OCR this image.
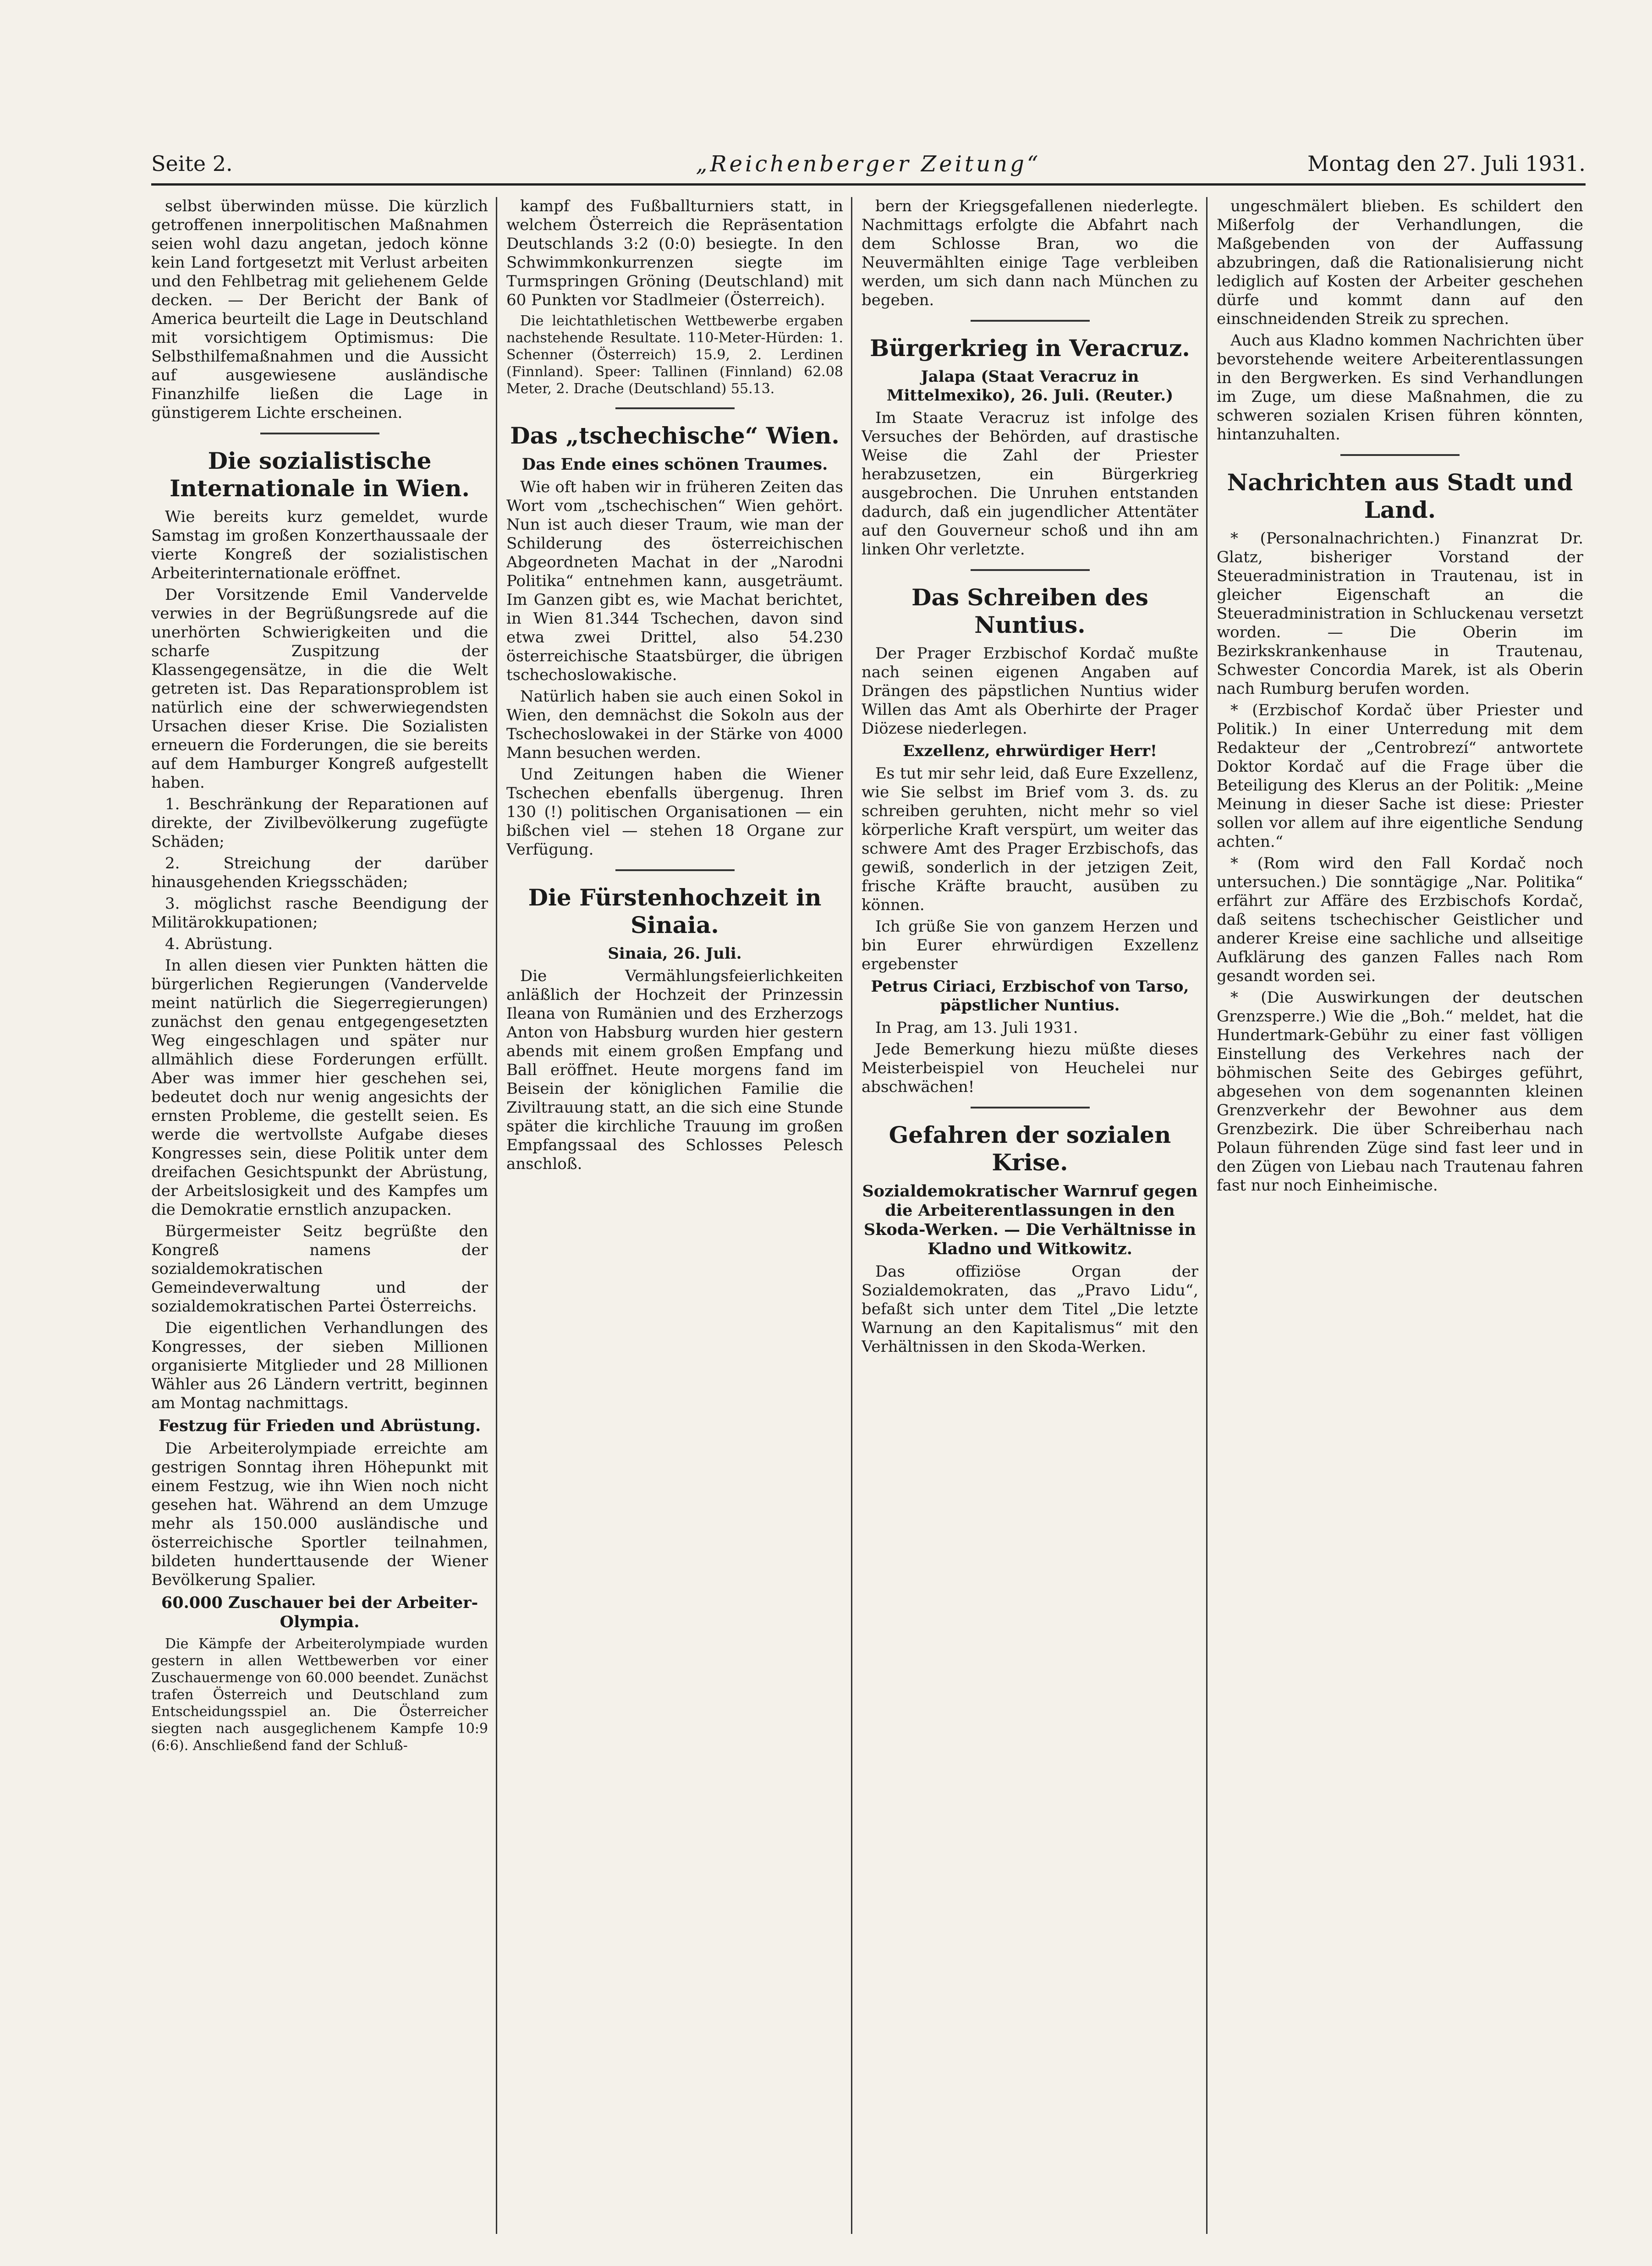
Seite 2.	„Reichenberger Zeitung“	Montag den 27. Juli 1931.

selbst überwinden müsse. Die kürzlich getroffenen innerpolitischen Maßnahmen seien wohl dazu angetan, jedoch könne kein Land fortgesetzt mit Verlust arbeiten und den Fehlbetrag mit geliehenem Gelde decken. — Der Bericht der Bank of America beurteilt die Lage in Deutschland mit vorsichtigem Optimismus: Die Selbsthilfemaßnahmen und die Aussicht auf ausgewiesene ausländische Finanzhilfe ließen die Lage in günstigerem Lichte erscheinen.

Die sozialistische Internationale in Wien.

Wie bereits kurz gemeldet, wurde Samstag im großen Konzerthaussaale der vierte Kongreß der sozialistischen Arbeiterinternationale eröffnet.

Der Vorsitzende Emil Vandervelde verwies in der Begrüßungsrede auf die unerhörten Schwierigkeiten und die scharfe Zuspitzung der Klassengegensätze, in die die Welt getreten ist. Das Reparationsproblem ist natürlich eine der schwerwiegendsten Ursachen dieser Krise. Die Sozialisten erneuern die Forderungen, die sie bereits auf dem Hamburger Kongreß aufgestellt haben.

1. Beschränkung der Reparationen auf direkte, der Zivilbevölkerung zugefügte Schäden;

2. Streichung der darüber hinausgehenden Kriegsschäden;

3. möglichst rasche Beendigung der Militärokkupationen;

4. Abrüstung.

In allen diesen vier Punkten hätten die bürgerlichen Regierungen (Vandervelde meint natürlich die Siegerregierungen) zunächst den genau entgegengesetzten Weg eingeschlagen und später nur allmählich diese Forderungen erfüllt. Aber was immer hier geschehen sei, bedeutet doch nur wenig angesichts der ernsten Probleme, die gestellt seien. Es werde die wertvollste Aufgabe dieses Kongresses sein, diese Politik unter dem dreifachen Gesichtspunkt der Abrüstung, der Arbeitslosigkeit und des Kampfes um die Demokratie ernstlich anzupacken.

Bürgermeister Seitz begrüßte den Kongreß namens der sozialdemokratischen Gemeindeverwaltung und der sozialdemokratischen Partei Österreichs.

Die eigentlichen Verhandlungen des Kongresses, der sieben Millionen organisierte Mitglieder und 28 Millionen Wähler aus 26 Ländern vertritt, beginnen am Montag nachmittags.

Festzug für Frieden und Abrüstung.

Die Arbeiterolympiade erreichte am gestrigen Sonntag ihren Höhepunkt mit einem Festzug, wie ihn Wien noch nicht gesehen hat. Während an dem Umzuge mehr als 150.000 ausländische und österreichische Sportler teilnahmen, bildeten hunderttausende der Wiener Bevölkerung Spalier.

60.000 Zuschauer bei der Arbeiter-Olympia.

Die Kämpfe der Arbeiterolympiade wurden gestern in allen Wettbewerben vor einer Zuschauermenge von 60.000 beendet. Zunächst trafen Österreich und Deutschland zum Entscheidungsspiel an. Die Österreicher siegten nach ausgeglichenem Kampfe 10:9 (6:6). Anschließend fand der Schluß-

kampf des Fußballturniers statt, in welchem Österreich die Repräsentation Deutschlands 3:2 (0:0) besiegte. In den Schwimmkonkurrenzen siegte im Turmspringen Gröning (Deutschland) mit 60 Punkten vor Stadlmeier (Österreich).

Die leichtathletischen Wettbewerbe ergaben nachstehende Resultate. 110-Meter-Hürden: 1. Schenner (Österreich) 15.9, 2. Lerdinen (Finnland). Speer: Tallinen (Finnland) 62.08 Meter, 2. Drache (Deutschland) 55.13.

Das „tschechische“ Wien.
Das Ende eines schönen Traumes.

Wie oft haben wir in früheren Zeiten das Wort vom „tschechischen“ Wien gehört. Nun ist auch dieser Traum, wie man der Schilderung des österreichischen Abgeordneten Machat in der „Narodni Politika“ entnehmen kann, ausgeträumt. Im Ganzen gibt es, wie Machat berichtet, in Wien 81.344 Tschechen, davon sind etwa zwei Drittel, also 54.230 österreichische Staatsbürger, die übrigen tschechoslowakische.

Natürlich haben sie auch einen Sokol in Wien, den demnächst die Sokoln aus der Tschechoslowakei in der Stärke von 4000 Mann besuchen werden.

Und Zeitungen haben die Wiener Tschechen ebenfalls übergenug. Ihren 130 (!) politischen Organisationen — ein bißchen viel — stehen 18 Organe zur Verfügung.

Die Fürstenhochzeit in Sinaia.

Sinaia, 26. Juli.

Die Vermählungsfeierlichkeiten anläßlich der Hochzeit der Prinzessin Ileana von Rumänien und des Erzherzogs Anton von Habsburg wurden hier gestern abends mit einem großen Empfang und Ball eröffnet. Heute morgens fand im Beisein der königlichen Familie die Ziviltrauung statt, an die sich eine Stunde später die kirchliche Trauung im großen Empfangssaal des Schlosses Pelesch anschloß.

bern der Kriegsgefallenen niederlegte. Nachmittags erfolgte die Abfahrt nach dem Schlosse Bran, wo die Neuvermählten einige Tage verbleiben werden, um sich dann nach München zu begeben.

Bürgerkrieg in Veracruz.

Jalapa (Staat Veracruz in Mittelmexiko), 26. Juli. (Reuter.)

Im Staate Veracruz ist infolge des Versuches der Behörden, auf drastische Weise die Zahl der Priester herabzusetzen, ein Bürgerkrieg ausgebrochen. Die Unruhen entstanden dadurch, daß ein jugendlicher Attentäter auf den Gouverneur schoß und ihn am linken Ohr verletzte.

Das Schreiben des Nuntius.

Der Prager Erzbischof Kordač mußte nach seinen eigenen Angaben auf Drängen des päpstlichen Nuntius wider Willen das Amt als Oberhirte der Prager Diözese niederlegen.

Exzellenz, ehrwürdiger Herr!

Es tut mir sehr leid, daß Eure Exzellenz, wie Sie selbst im Brief vom 3. ds. zu schreiben geruhten, nicht mehr so viel körperliche Kraft verspürt, um weiter das schwere Amt des Prager Erzbischofs, das gewiß, sonderlich in der jetzigen Zeit, frische Kräfte braucht, ausüben zu können.

Ich grüße Sie von ganzem Herzen und bin Eurer ehrwürdigen Exzellenz ergebenster

Petrus Ciriaci, Erzbischof von Tarso, päpstlicher Nuntius.

In Prag, am 13. Juli 1931.

Jede Bemerkung hiezu müßte dieses Meisterbeispiel von Heuchelei nur abschwächen!

Gefahren der sozialen Krise.
Sozialdemokratischer Warnruf gegen die Arbeiterentlassungen in den Skoda-Werken. — Die Verhältnisse in Kladno und Witkowitz.

Das offiziöse Organ der Sozialdemokraten, das „Pravo Lidu“, befaßt sich unter dem Titel „Die letzte Warnung an den Kapitalismus“ mit den Verhältnissen in den Skoda-Werken.

ungeschmälert blieben. Es schildert den Mißerfolg der Verhandlungen, die Maßgebenden von der Auffassung abzubringen, daß die Rationalisierung nicht lediglich auf Kosten der Arbeiter geschehen dürfe und kommt dann auf den einschneidenden Streik zu sprechen.

Auch aus Kladno kommen Nachrichten über bevorstehende weitere Arbeiterentlassungen in den Bergwerken. Es sind Verhandlungen im Zuge, um diese Maßnahmen, die zu schweren sozialen Krisen führen könnten, hintanzuhalten.

Nachrichten aus Stadt und Land.

* (Personalnachrichten.) Finanzrat Dr. Glatz, bisheriger Vorstand der Steueradministration in Trautenau, ist in gleicher Eigenschaft an die Steueradministration in Schluckenau versetzt worden. — Die Oberin im Bezirkskrankenhause in Trautenau, Schwester Concordia Marek, ist als Oberin nach Rumburg berufen worden.

* (Erzbischof Kordač über Priester und Politik.) In einer Unterredung mit dem Redakteur der „Centrobrezí“ antwortete Doktor Kordač auf die Frage über die Beteiligung des Klerus an der Politik: „Meine Meinung in dieser Sache ist diese: Priester sollen vor allem auf ihre eigentliche Sendung achten.“

* (Rom wird den Fall Kordač noch untersuchen.) Die sonntägige „Nar. Politika“ erfährt zur Affäre des Erzbischofs Kordač, daß seitens tschechischer Geistlicher und anderer Kreise eine sachliche und allseitige Aufklärung des ganzen Falles nach Rom gesandt worden sei.

* (Die Auswirkungen der deutschen Grenzsperre.) Wie die „Boh.“ meldet, hat die Hundertmark-Gebühr zu einer fast völligen Einstellung des Verkehres nach der böhmischen Seite des Gebirges geführt, abgesehen von dem sogenannten kleinen Grenzverkehr der Bewohner aus dem Grenzbezirk. Die über Schreiberhau nach Polaun führenden Züge sind fast leer und in den Zügen von Liebau nach Trautenau fahren fast nur noch Einheimische.
